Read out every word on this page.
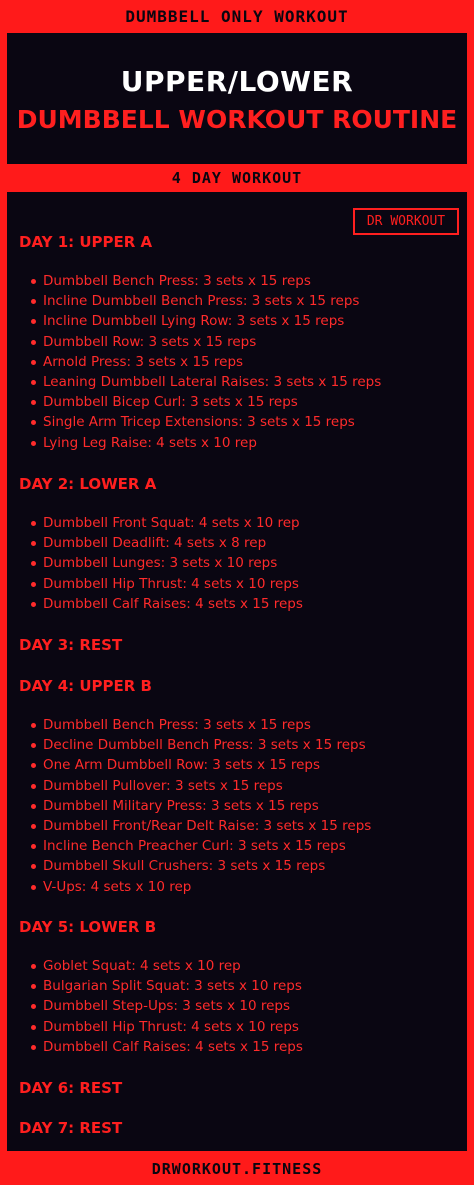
DUMBBELL ONLY WORKOUT
UPPER/LOWER
DUMBBELL WORKOUT ROUTINE
4 DAY WORKOUT
DR WORKOUT
DAY 1: UPPER A
Dumbbell Bench Press: 3 sets x 15 reps
Incline Dumbbell Bench Press: 3 sets x 15 reps
Incline Dumbbell Lying Row: 3 sets x 15 reps
Dumbbell Row: 3 sets x 15 reps
Arnold Press: 3 sets x 15 reps
Leaning Dumbbell Lateral Raises: 3 sets x 15 reps
Dumbbell Bicep Curl: 3 sets x 15 reps
Single Arm Tricep Extensions: 3 sets x 15 reps
Lying Leg Raise: 4 sets x 10 rep
DAY 2: LOWER A
Dumbbell Front Squat: 4 sets x 10 rep
Dumbbell Deadlift: 4 sets x 8 rep
Dumbbell Lunges: 3 sets x 10 reps
Dumbbell Hip Thrust: 4 sets x 10 reps
Dumbbell Calf Raises: 4 sets x 15 reps
DAY 3: REST
DAY 4: UPPER B
Dumbbell Bench Press: 3 sets x 15 reps
Decline Dumbbell Bench Press: 3 sets x 15 reps
One Arm Dumbbell Row: 3 sets x 15 reps
Dumbbell Pullover: 3 sets x 15 reps
Dumbbell Military Press: 3 sets x 15 reps
Dumbbell Front/Rear Delt Raise: 3 sets x 15 reps
Incline Bench Preacher Curl: 3 sets x 15 reps
Dumbbell Skull Crushers: 3 sets x 15 reps
V-Ups: 4 sets x 10 rep
DAY 5: LOWER B
Goblet Squat: 4 sets x 10 rep
Bulgarian Split Squat: 3 sets x 10 reps
Dumbbell Step-Ups: 3 sets x 10 reps
Dumbbell Hip Thrust: 4 sets x 10 reps
Dumbbell Calf Raises: 4 sets x 15 reps
DAY 6: REST
DAY 7: REST
DRWORKOUT.FITNESS
